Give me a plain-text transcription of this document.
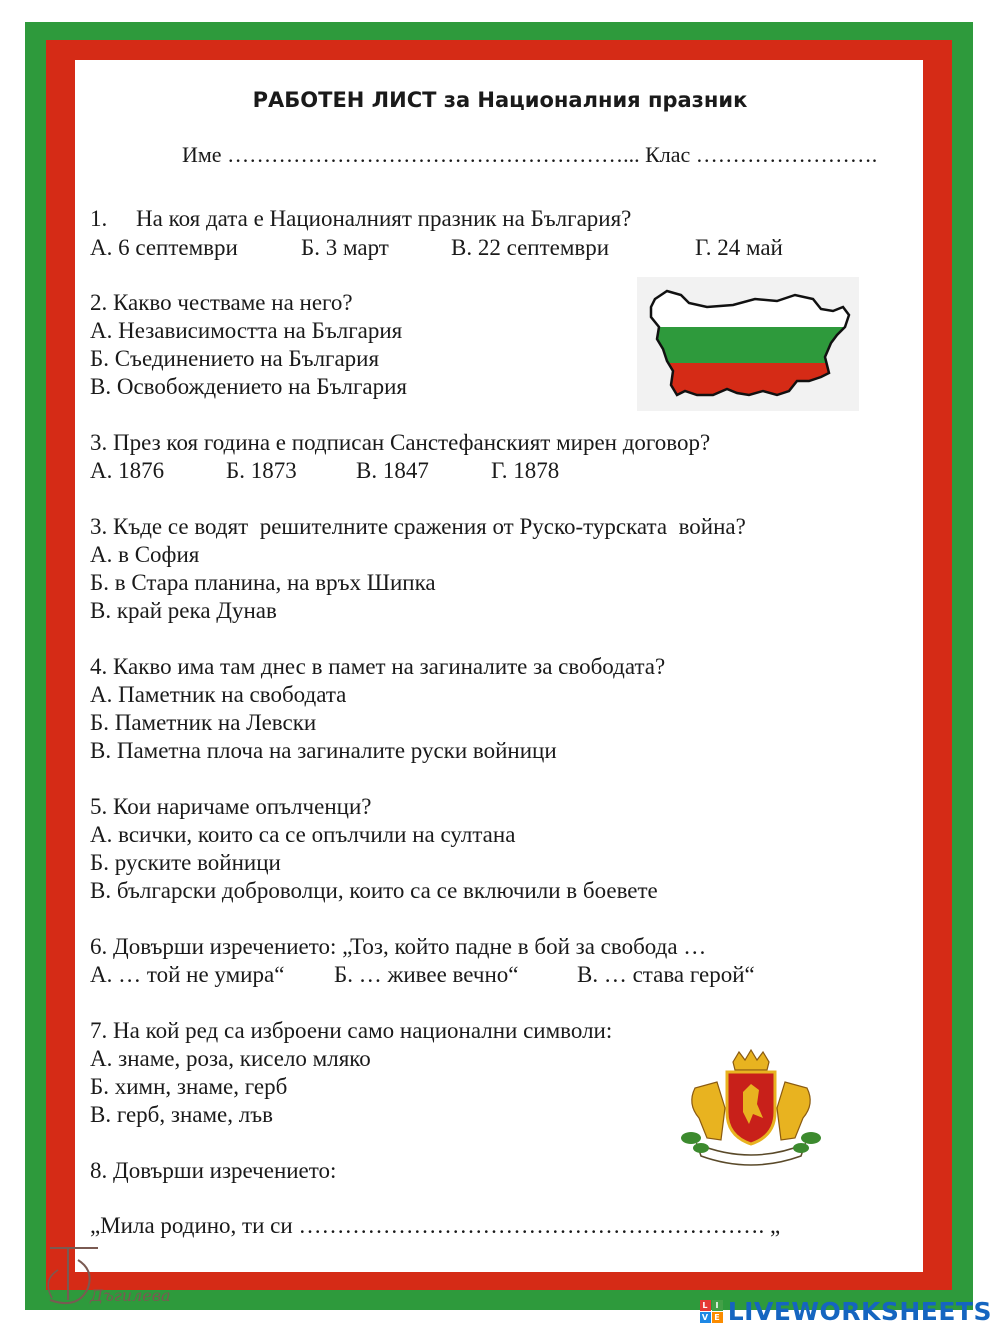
РАБОТЕН ЛИСТ за Националния празник
Име ………………………………………………... Клас …………………….
1.     На коя дата е Националният празник на България?
А. 6 септември	Б. 3 март	В. 22 септември	Г. 24 май
2. Какво честваме на него?
А. Независимостта на България
Б. Съединението на България
В. Освобождението на България
3. През коя година е подписан Санстефанският мирен договор?
А. 1876	Б. 1873	В. 1847	Г. 1878
3. Къде се водят  решителните сражения от Руско-турската  война?
А. в София
Б. в Стара планина, на връх Шипка
В. край река Дунав
4. Какво има там днес в памет на загиналите за свободата?
А. Паметник на свободата
Б. Паметник на Левски
В. Паметна плоча на загиналите руски войници
5. Кои наричаме опълченци?
А. всички, които са се опълчили на султана
Б. руските войници
В. български доброволци, които са се включили в боевете
6. Довърши изречението: „Тоз, който падне в бой за свобода …
А. … той не умира“ Б. … живее вечно“	В. … става герой“
7. На кой ред са изброени само национални символи:
А. знаме, роза, кисело мляко
Б. химн, знаме, герб
В. герб, знаме, лъв
8. Довърши изречението:
„Мила родино, ти си ……………………………………………………. „
Дъгилева	L I
V E LIVEWORKSHEETS
